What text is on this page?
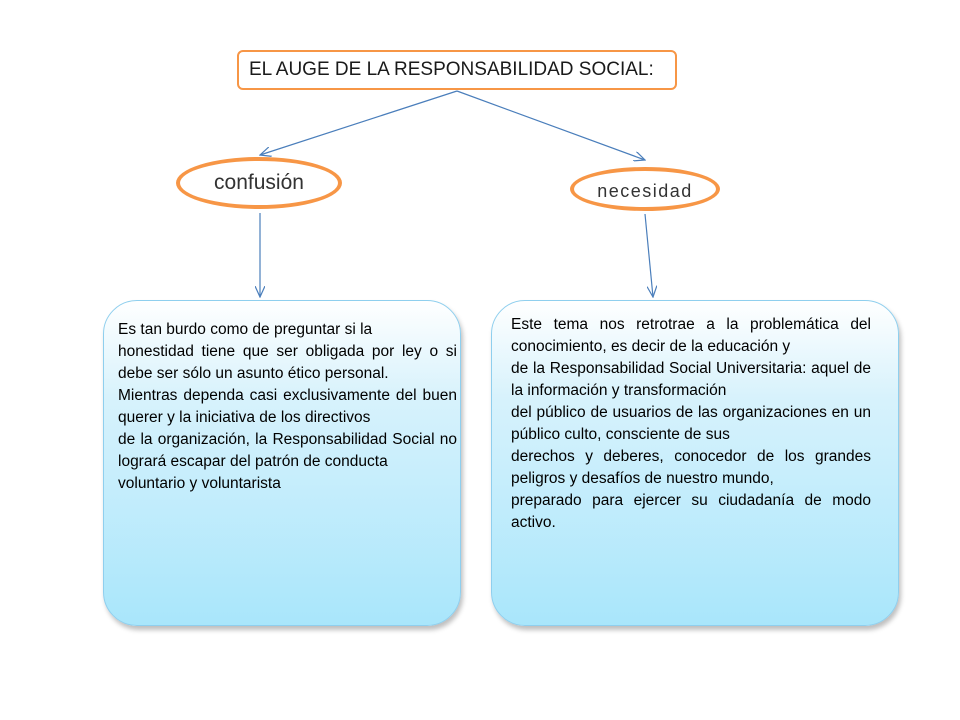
EL AUGE DE LA RESPONSABILIDAD SOCIAL:
confusión	necesidad

Es tan burdo como de preguntar si la

honestidad tiene que ser obligada por ley o si debe ser sólo un asunto ético personal.

Mientras dependa casi exclusivamente del buen querer y la iniciativa de los directivos

de la organización, la Responsabilidad Social no logrará escapar del patrón de conducta

voluntario y voluntarista

Este tema nos retrotrae a la problemática del conocimiento, es decir de la educación y

de la Responsabilidad Social Universitaria: aquel de la información y transformación

del público de usuarios de las organizaciones en un público culto, consciente de sus

derechos y deberes, conocedor de los grandes peligros y desafíos de nuestro mundo,

preparado para ejercer su ciudadanía de modo activo.
